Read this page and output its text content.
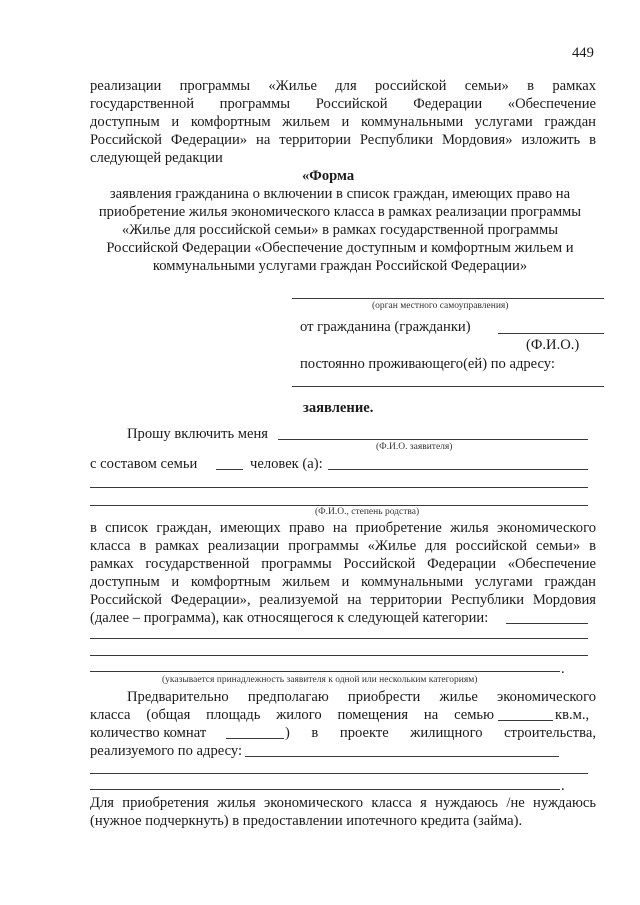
449
реализации программы «Жилье для российской семьи» в рамках
государственной программы Российской Федерации «Обеспечение
доступным и комфортным жильем и коммунальными услугами граждан
Российской Федерации» на территории Республики Мордовия» изложить в
следующей редакции
«Форма
заявления гражданина о включении в список граждан, имеющих право на
приобретение жилья экономического класса в рамках реализации программы
«Жилье для российской семьи» в рамках государственной программы
Российской Федерации «Обеспечение доступным и комфортным жильем и
коммунальными услугами граждан Российской Федерации»
(орган местного самоуправления)
от гражданина (гражданки)
(Ф.И.О.)
постоянно проживающего(ей) по адресу:
заявление.
Прошу включить меня
(Ф.И.О. заявителя)
с составом семьи	человек (а):
(Ф.И.О., степень родства)
в список граждан, имеющих право на приобретение жилья экономического
класса в рамках реализации программы «Жилье для российской семьи» в
рамках государственной программы Российской Федерации «Обеспечение
доступным и комфортным жильем и коммунальными услугами граждан
Российской Федерации», реализуемой на территории Республики Мордовия
(далее – программа), как относящегося к следующей категории:
.
(указывается принадлежность заявителя к одной или нескольким категориям)
Предварительно предполагаю приобрести жилье экономического
класса (общая площадь жилого помещения на семью	кв.м.,
количество комнат	) в проекте жилищного строительства,
реализуемого по адресу:
.
Для приобретения жилья экономического класса я нуждаюсь /не нуждаюсь
(нужное подчеркнуть) в предоставлении ипотечного кредита (займа).
